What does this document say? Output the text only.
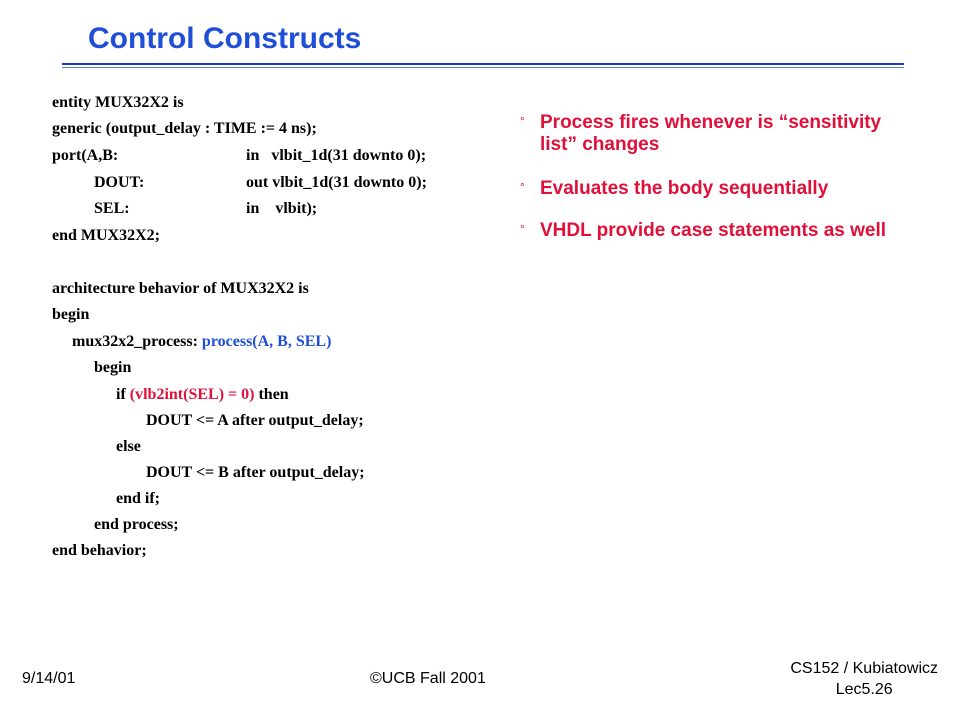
Control Constructs
entity MUX32X2 is
generic (output_delay : TIME := 4 ns);
port(A,B:	in   vlbit_1d(31 downto 0);
DOUT:	out vlbit_1d(31 downto 0);
SEL:	in    vlbit);
end MUX32X2;
architecture behavior of MUX32X2 is
begin
mux32x2_process: process(A, B, SEL)
begin
if (vlb2int(SEL) = 0) then
DOUT <= A after output_delay;
else
DOUT <= B after output_delay;
end if;
end process;
end behavior;
° Process fires whenever is “sensitivity list” changes
° Evaluates the body sequentially
° VHDL provide case statements as well
9/14/01	©UCB Fall 2001
CS152 / Kubiatowicz
Lec5.26
